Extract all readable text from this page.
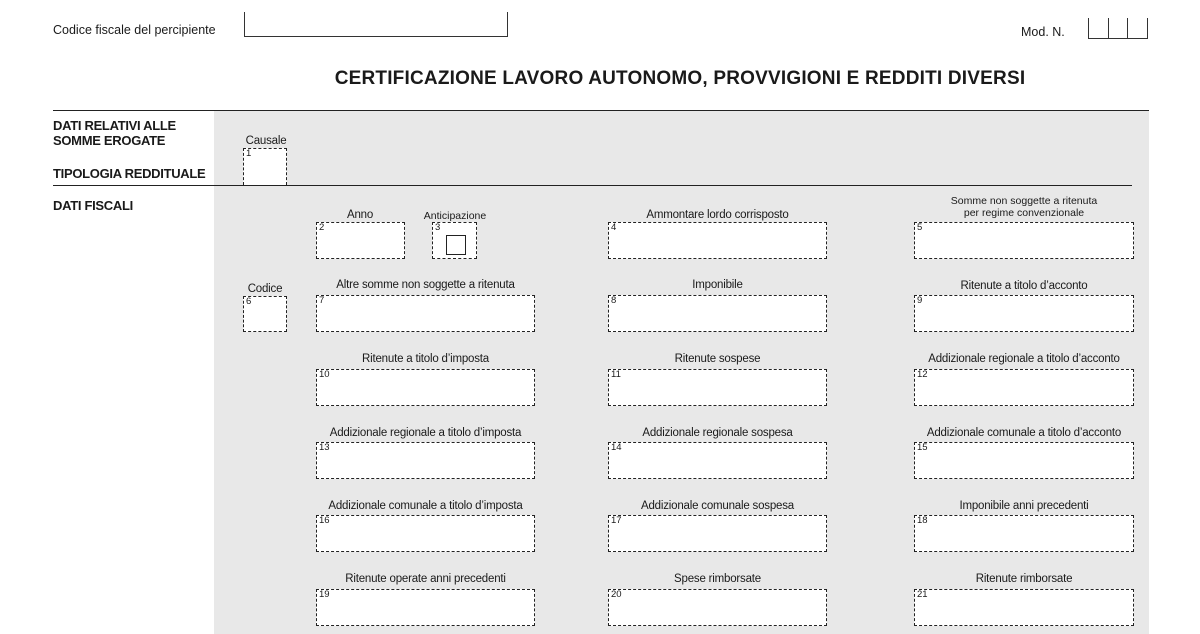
Codice fiscale del percipiente	Mod. N.
CERTIFICAZIONE LAVORO AUTONOMO, PROVVIGIONI E REDDITI DIVERSI
DATI RELATIVI ALLE
SOMME EROGATE
TIPOLOGIA REDDITUALE
DATI FISCALI
Causale
1
Anno
2
Anticipazione
3
Ammontare lordo corrisposto
4
Somme non soggette a ritenuta
per regime convenzionale
5
Codice
6
Altre somme non soggette a ritenuta
7
Imponibile
8
Ritenute a titolo d’acconto
9
Ritenute a titolo d’imposta
10
Ritenute sospese
11
Addizionale regionale a titolo d’acconto
12
Addizionale regionale a titolo d’imposta
13
Addizionale regionale sospesa
14
Addizionale comunale a titolo d’acconto
15
Addizionale comunale a titolo d’imposta
16
Addizionale comunale sospesa
17
Imponibile anni precedenti
18
Ritenute operate anni precedenti
19
Spese rimborsate
20
Ritenute rimborsate
21
